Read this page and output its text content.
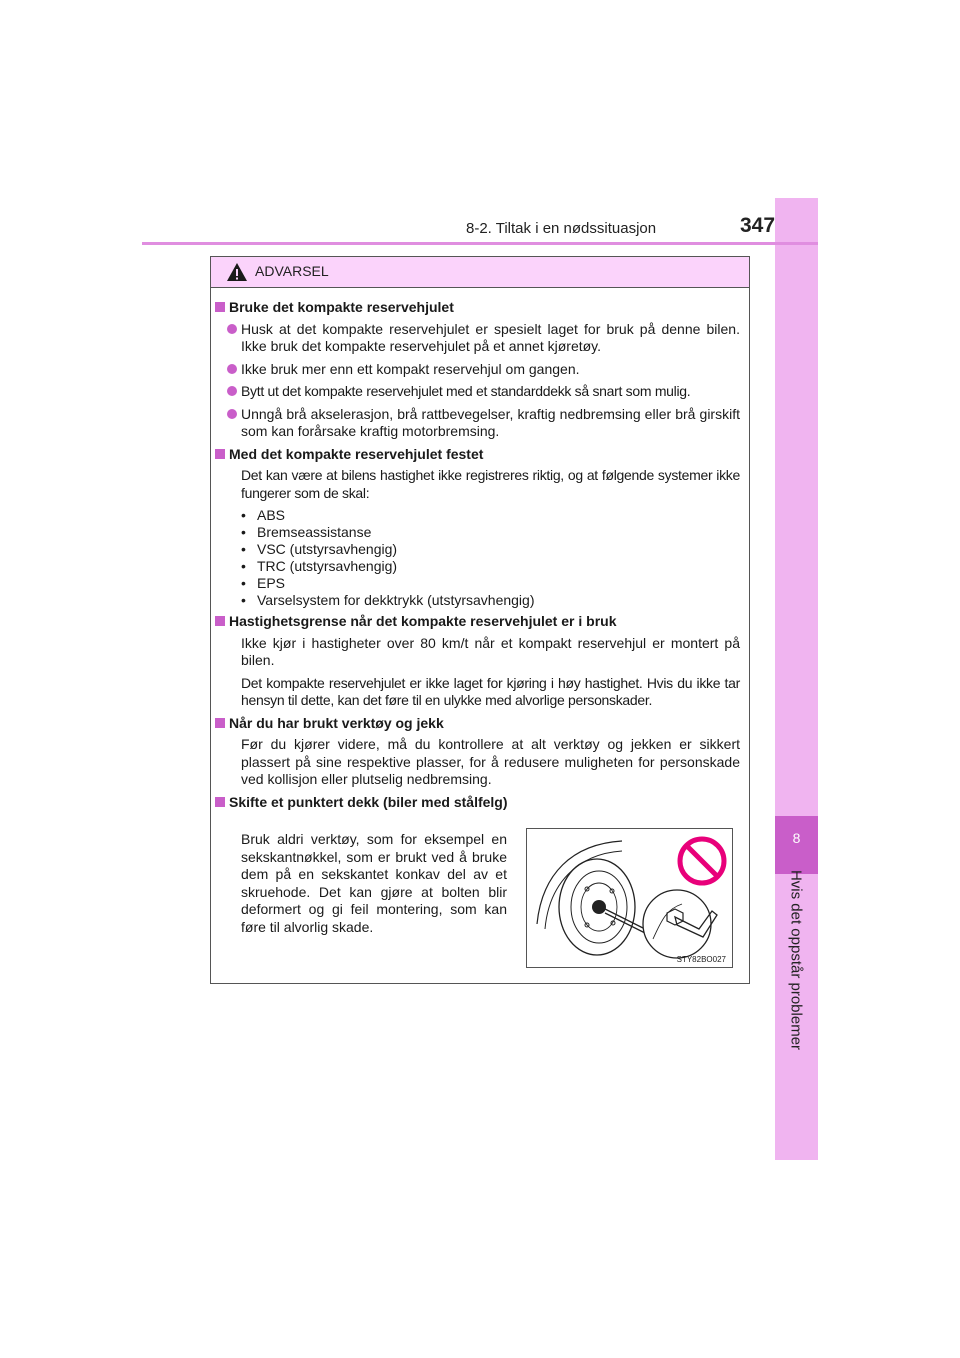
8
Hvis det oppstår problemer
8-2. Tiltak i en nødssituasjon	347
ADVARSEL
Bruke det kompakte reservehjulet
Husk at det kompakte reservehjulet er spesielt laget for bruk på denne bilen. Ikke bruk det kompakte reservehjulet på et annet kjøretøy.
Ikke bruk mer enn ett kompakt reservehjul om gangen.
Bytt ut det kompakte reservehjulet med et standarddekk så snart som mulig.
Unngå brå akselerasjon, brå rattbevegelser, kraftig nedbremsing eller brå girskift som kan forårsake kraftig motorbremsing.
Med det kompakte reservehjulet festet
Det kan være at bilens hastighet ikke registreres riktig, og at følgende systemer ikke fungerer som de skal:
• ABS
• Bremseassistanse
• VSC (utstyrsavhengig)
• TRC (utstyrsavhengig)
• EPS
• Varselsystem for dekktrykk (utstyrsavhengig)
Hastighetsgrense når det kompakte reservehjulet er i bruk
Ikke kjør i hastigheter over 80 km/t når et kompakt reservehjul er montert på bilen.
Det kompakte reservehjulet er ikke laget for kjøring i høy hastighet. Hvis du ikke tar hensyn til dette, kan det føre til en ulykke med alvorlige personskader.
Når du har brukt verktøy og jekk
Før du kjører videre, må du kontrollere at alt verktøy og jekken er sikkert plassert på sine respektive plasser, for å redusere muligheten for personskade ved kollisjon eller plutselig nedbremsing.
Skifte et punktert dekk (biler med stålfelg)
Bruk aldri verktøy, som for eksempel en sekskantnøkkel, som er brukt ved å bruke dem på en sekskantet konkav del av et skruehode. Det kan gjøre at bolten blir deformert og gi feil montering, som kan føre til alvorlig skade.
STY82BO027
